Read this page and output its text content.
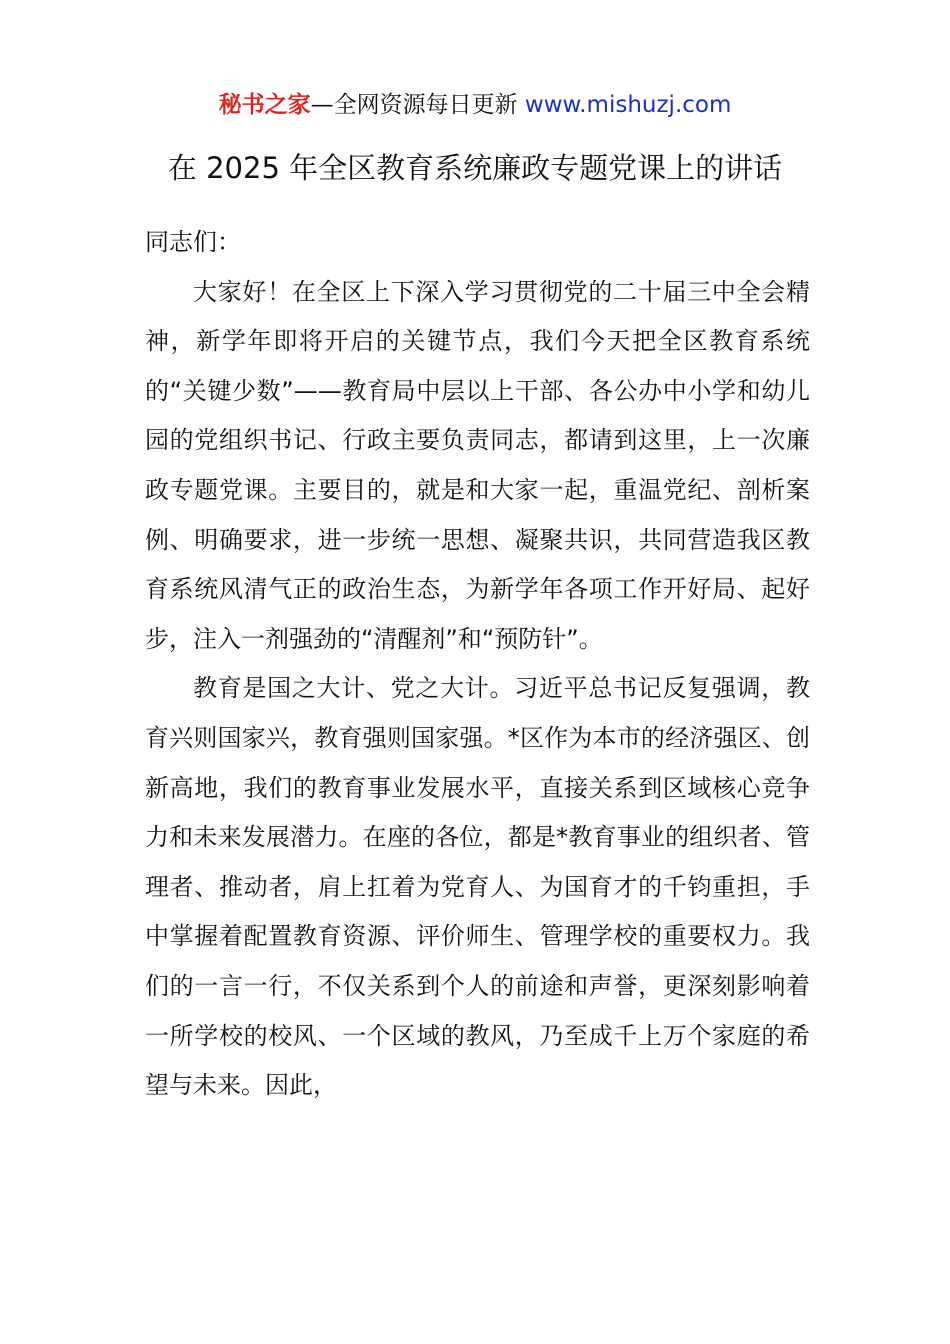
秘书之家—全网资源每日更新 www.mishuzj.com
在 2025 年全区教育系统廉政专题党课上的讲话

同志们：

大家好！在全区上下深入学习贯彻党的二十届三中全会精神，新学年即将开启的关键节点，我们今天把全区教育系统的“关键少数”——教育局中层以上干部、各公办中小学和幼儿园的党组织书记、行政主要负责同志，都请到这里，上一次廉政专题党课。主要目的，就是和大家一起，重温党纪、剖析案例、明确要求，进一步统一思想、凝聚共识，共同营造我区教育系统风清气正的政治生态，为新学年各项工作开好局、起好步，注入一剂强劲的“清醒剂”和“预防针”。

教育是国之大计、党之大计。习近平总书记反复强调，教育兴则国家兴，教育强则国家强。*区作为本市的经济强区、创新高地，我们的教育事业发展水平，直接关系到区域核心竞争力和未来发展潜力。在座的各位，都是*教育事业的组织者、管理者、推动者，肩上扛着为党育人、为国育才的千钧重担，手中掌握着配置教育资源、评价师生、管理学校的重要权力。我们的一言一行，不仅关系到个人的前途和声誉，更深刻影响着一所学校的校风、一个区域的教风，乃至成千上万个家庭的希望与未来。因此，
